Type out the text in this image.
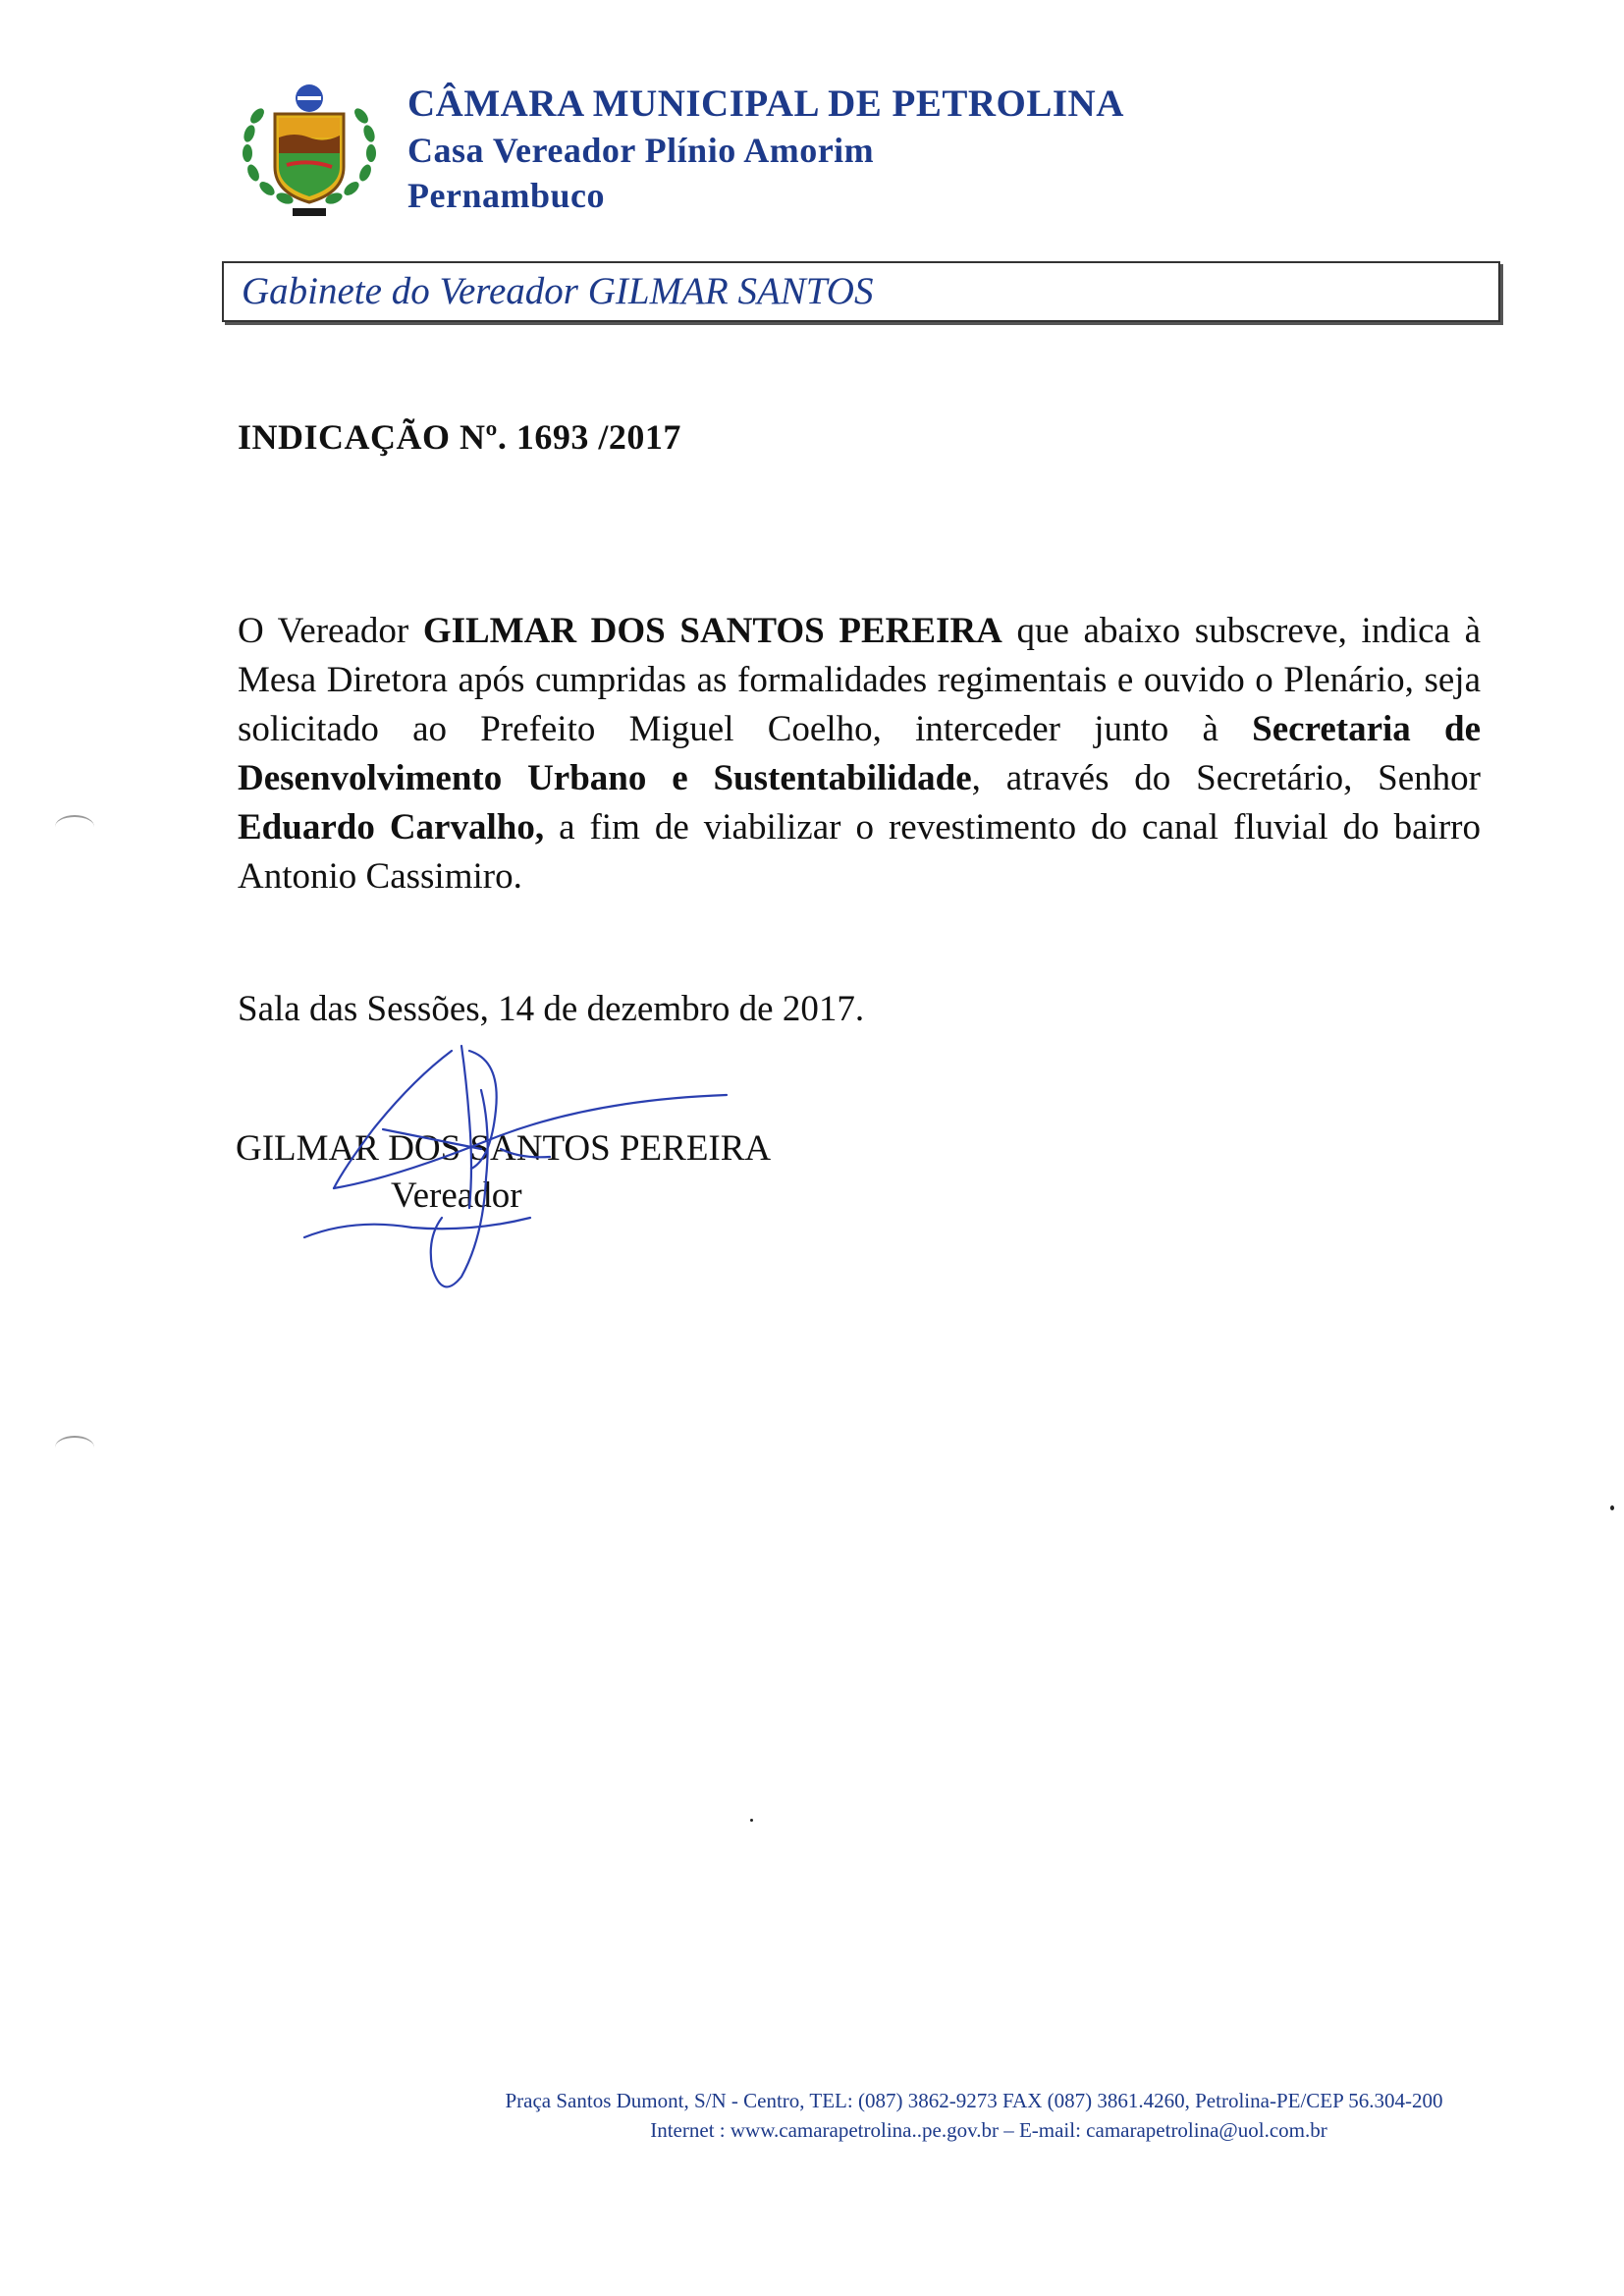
CÂMARA MUNICIPAL DE PETROLINA
Casa Vereador Plínio Amorim
Pernambuco
Gabinete do Vereador GILMAR SANTOS
INDICAÇÃO Nº. 1693 /2017
O Vereador GILMAR DOS SANTOS PEREIRA que abaixo subscreve, indica à Mesa Diretora após cumpridas as formalidades regimentais e ouvido o Plenário, seja solicitado ao Prefeito Miguel Coelho, interceder junto à Secretaria de Desenvolvimento Urbano e Sustentabilidade, através do Secretário, Senhor Eduardo Carvalho, a fim de viabilizar o revestimento do canal fluvial do bairro Antonio Cassimiro.
Sala das Sessões, 14 de dezembro de 2017.
GILMAR DOS SANTOS PEREIRA
Vereador
Praça Santos Dumont, S/N - Centro, TEL: (087) 3862-9273 FAX (087) 3861.4260, Petrolina-PE/CEP 56.304-200
Internet : www.camarapetrolina..pe.gov.br – E-mail: camarapetrolina@uol.com.br
